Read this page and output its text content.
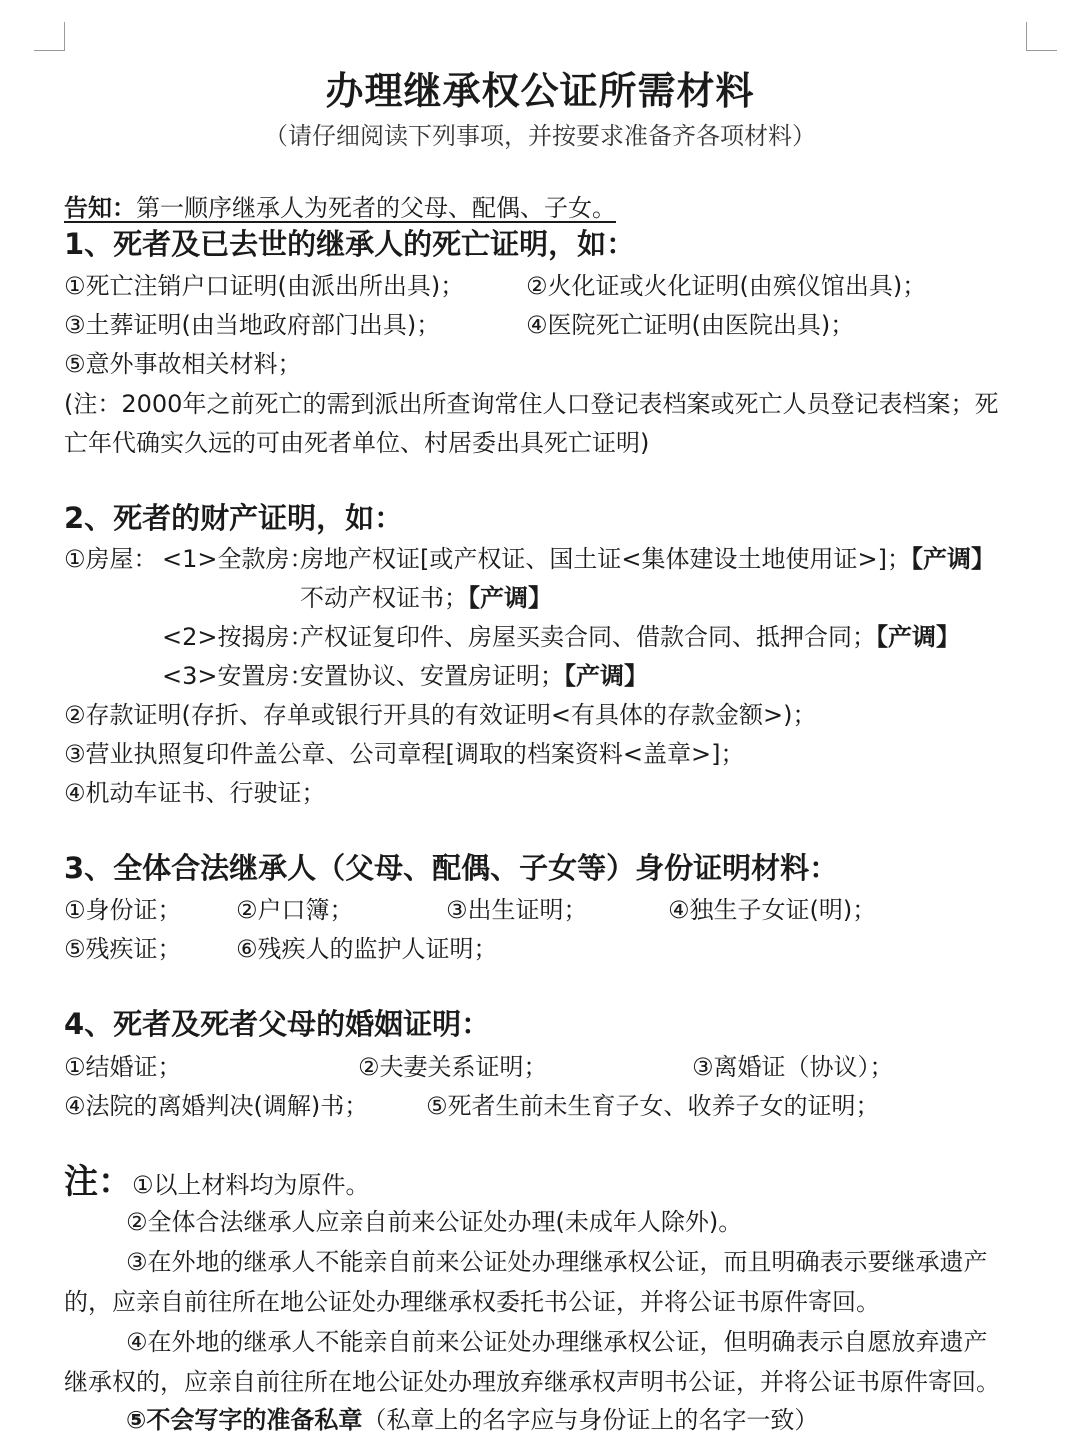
办理继承权公证所需材料
（请仔细阅读下列事项，并按要求准备齐各项材料）
告知：第一顺序继承人为死者的父母、配偶、子女。
1、死者及已去世的继承人的死亡证明，如：
①死亡注销户口证明(由派出所出具)；	②火化证或火化证明(由殡仪馆出具)；
③土葬证明(由当地政府部门出具)；	④医院死亡证明(由医院出具)；
⑤意外事故相关材料；
(注：2000年之前死亡的需到派出所查询常住人口登记表档案或死亡人员登记表档案；死
亡年代确实久远的可由死者单位、村居委出具死亡证明)
2、死者的财产证明，如：
①房屋： <1>全款房：
房地产权证[或产权证、国土证<集体建设土地使用证>]；【产调】
不动产权证书；【产调】
<2>按揭房：
产权证复印件、房屋买卖合同、借款合同、抵押合同；【产调】
<3>安置房：
安置协议、安置房证明；【产调】
②存款证明(存折、存单或银行开具的有效证明<有具体的存款金额>)；
③营业执照复印件盖公章、公司章程[调取的档案资料<盖章>]；
④机动车证书、行驶证；
3、全体合法继承人（父母、配偶、子女等）身份证明材料：
①身份证； ②户口簿；	③出生证明；	④独生子女证(明)；
⑤残疾证； ⑥残疾人的监护人证明；
4、死者及死者父母的婚姻证明：
①结婚证；	②夫妻关系证明；	③离婚证（协议）；
④法院的离婚判决(调解)书； ⑤死者生前未生育子女、收养子女的证明；
注：①以上材料均为原件。
②全体合法继承人应亲自前来公证处办理(未成年人除外)。
③在外地的继承人不能亲自前来公证处办理继承权公证，而且明确表示要继承遗产
的，应亲自前往所在地公证处办理继承权委托书公证，并将公证书原件寄回。
④在外地的继承人不能亲自前来公证处办理继承权公证，但明确表示自愿放弃遗产
继承权的，应亲自前往所在地公证处办理放弃继承权声明书公证，并将公证书原件寄回。
⑤不会写字的准备私章（私章上的名字应与身份证上的名字一致）
